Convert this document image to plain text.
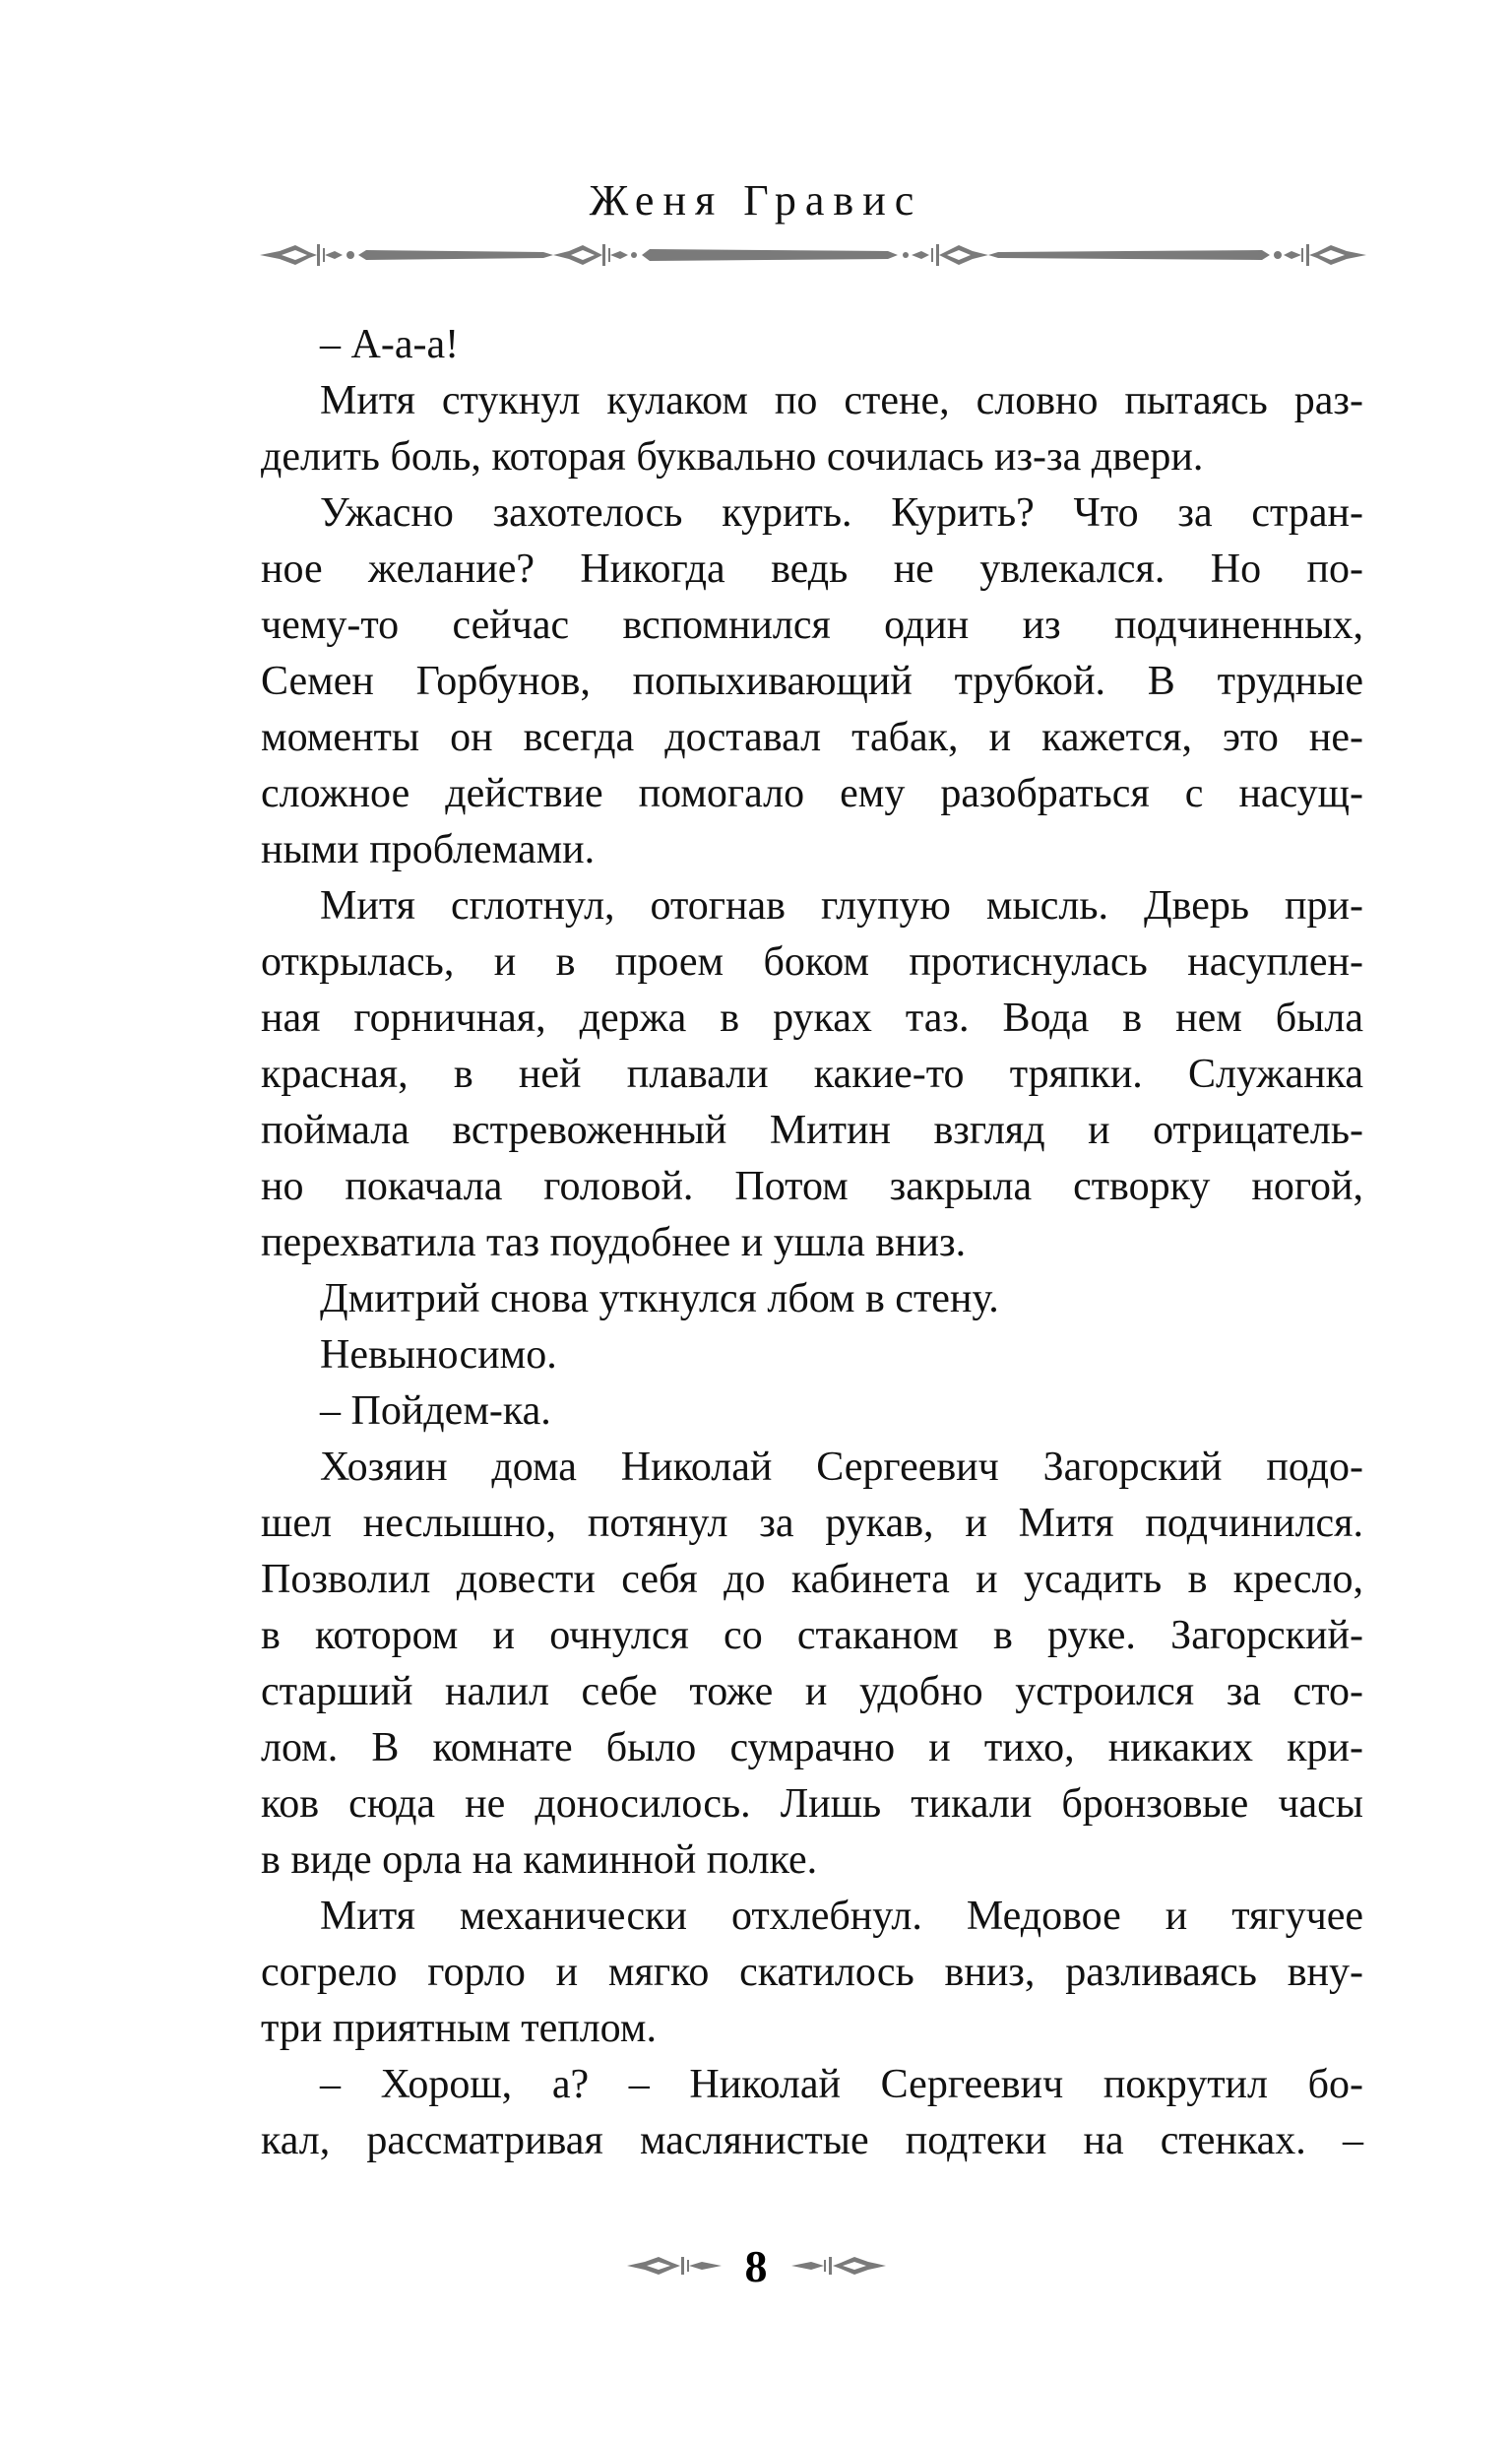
Женя Гравис
– А-а-а!
Митя стукнул кулаком по стене, словно пытаясь раз-
делить боль, которая буквально сочилась из-за двери.
Ужасно захотелось курить. Курить? Что за стран-
ное желание? Никогда ведь не увлекался. Но по-
чему-то сейчас вспомнился один из подчиненных,
Семен Горбунов, попыхивающий трубкой. В трудные
моменты он всегда доставал табак, и кажется, это не-
сложное действие помогало ему разобраться с насущ-
ными проблемами.
Митя сглотнул, отогнав глупую мысль. Дверь при-
открылась, и в проем боком протиснулась насуплен-
ная горничная, держа в руках таз. Вода в нем была
красная, в ней плавали какие-то тряпки. Служанка
поймала встревоженный Митин взгляд и отрицатель-
но покачала головой. Потом закрыла створку ногой,
перехватила таз поудобнее и ушла вниз.
Дмитрий снова уткнулся лбом в стену.
Невыносимо.
– Пойдем-ка.
Хозяин дома Николай Сергеевич Загорский подо-
шел неслышно, потянул за рукав, и Митя подчинился.
Позволил довести себя до кабинета и усадить в кресло,
в котором и очнулся со стаканом в руке. Загорский-
старший налил себе тоже и удобно устроился за сто-
лом. В комнате было сумрачно и тихо, никаких кри-
ков сюда не доносилось. Лишь тикали бронзовые часы
в виде орла на каминной полке.
Митя механически отхлебнул. Медовое и тягучее
согрело горло и мягко скатилось вниз, разливаясь вну-
три приятным теплом.
– Хорош, а? – Николай Сергеевич покрутил бо-
кал, рассматривая маслянистые подтеки на стенках. –
8
